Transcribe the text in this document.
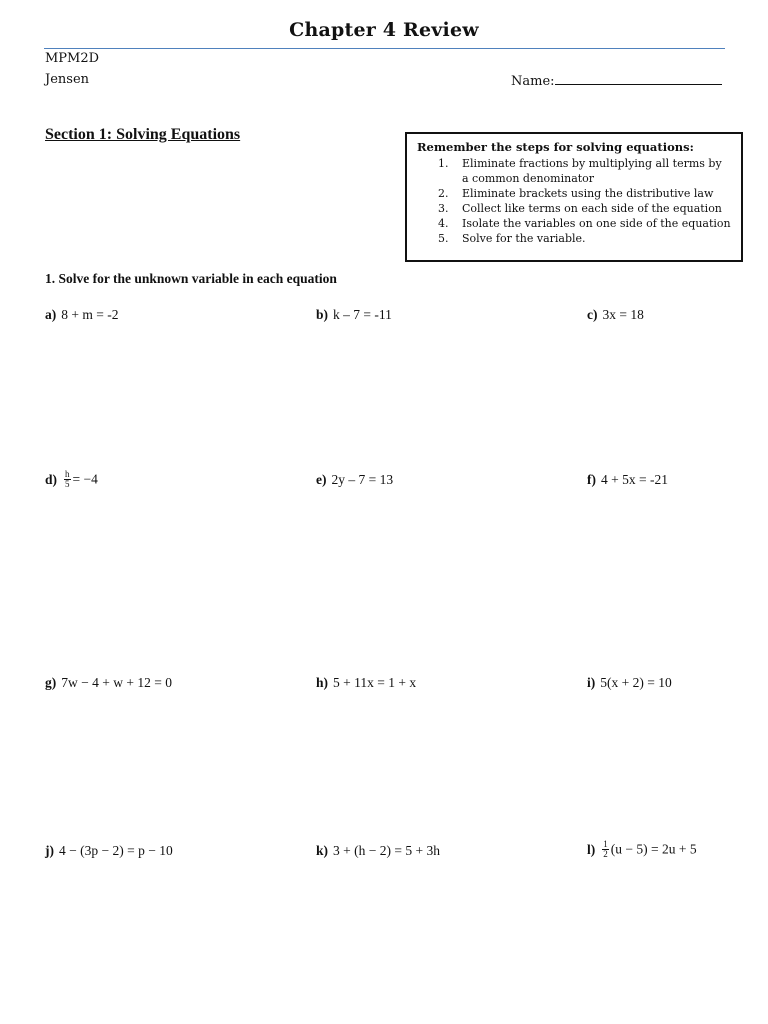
Chapter 4 Review
MPM2D
Jensen	Name:
Section 1: Solving Equations
Remember the steps for solving equations:
1. Eliminate fractions by multiplying all terms by a common denominator
2. Eliminate brackets using the distributive law
3. Collect like terms on each side of the equation
4. Isolate the variables on one side of the equation
5. Solve for the variable.
1. Solve for the unknown variable in each equation
a) 8 + m = -2	b) k – 7 = -11	c) 3x = 18
$d) \frac{h}{5} = -4$	e) 2y – 7 = 13	f) 4 + 5x = -21
g) 7w − 4 + w + 12 = 0	h) 5 + 11x = 1 + x	i) 5(x + 2) = 10
j) 4 − (3p − 2) = p − 10	k) 3 + (h − 2) = 5 + 3h	$l) \frac{1}{2} (u - 5) = 2u + 5$
